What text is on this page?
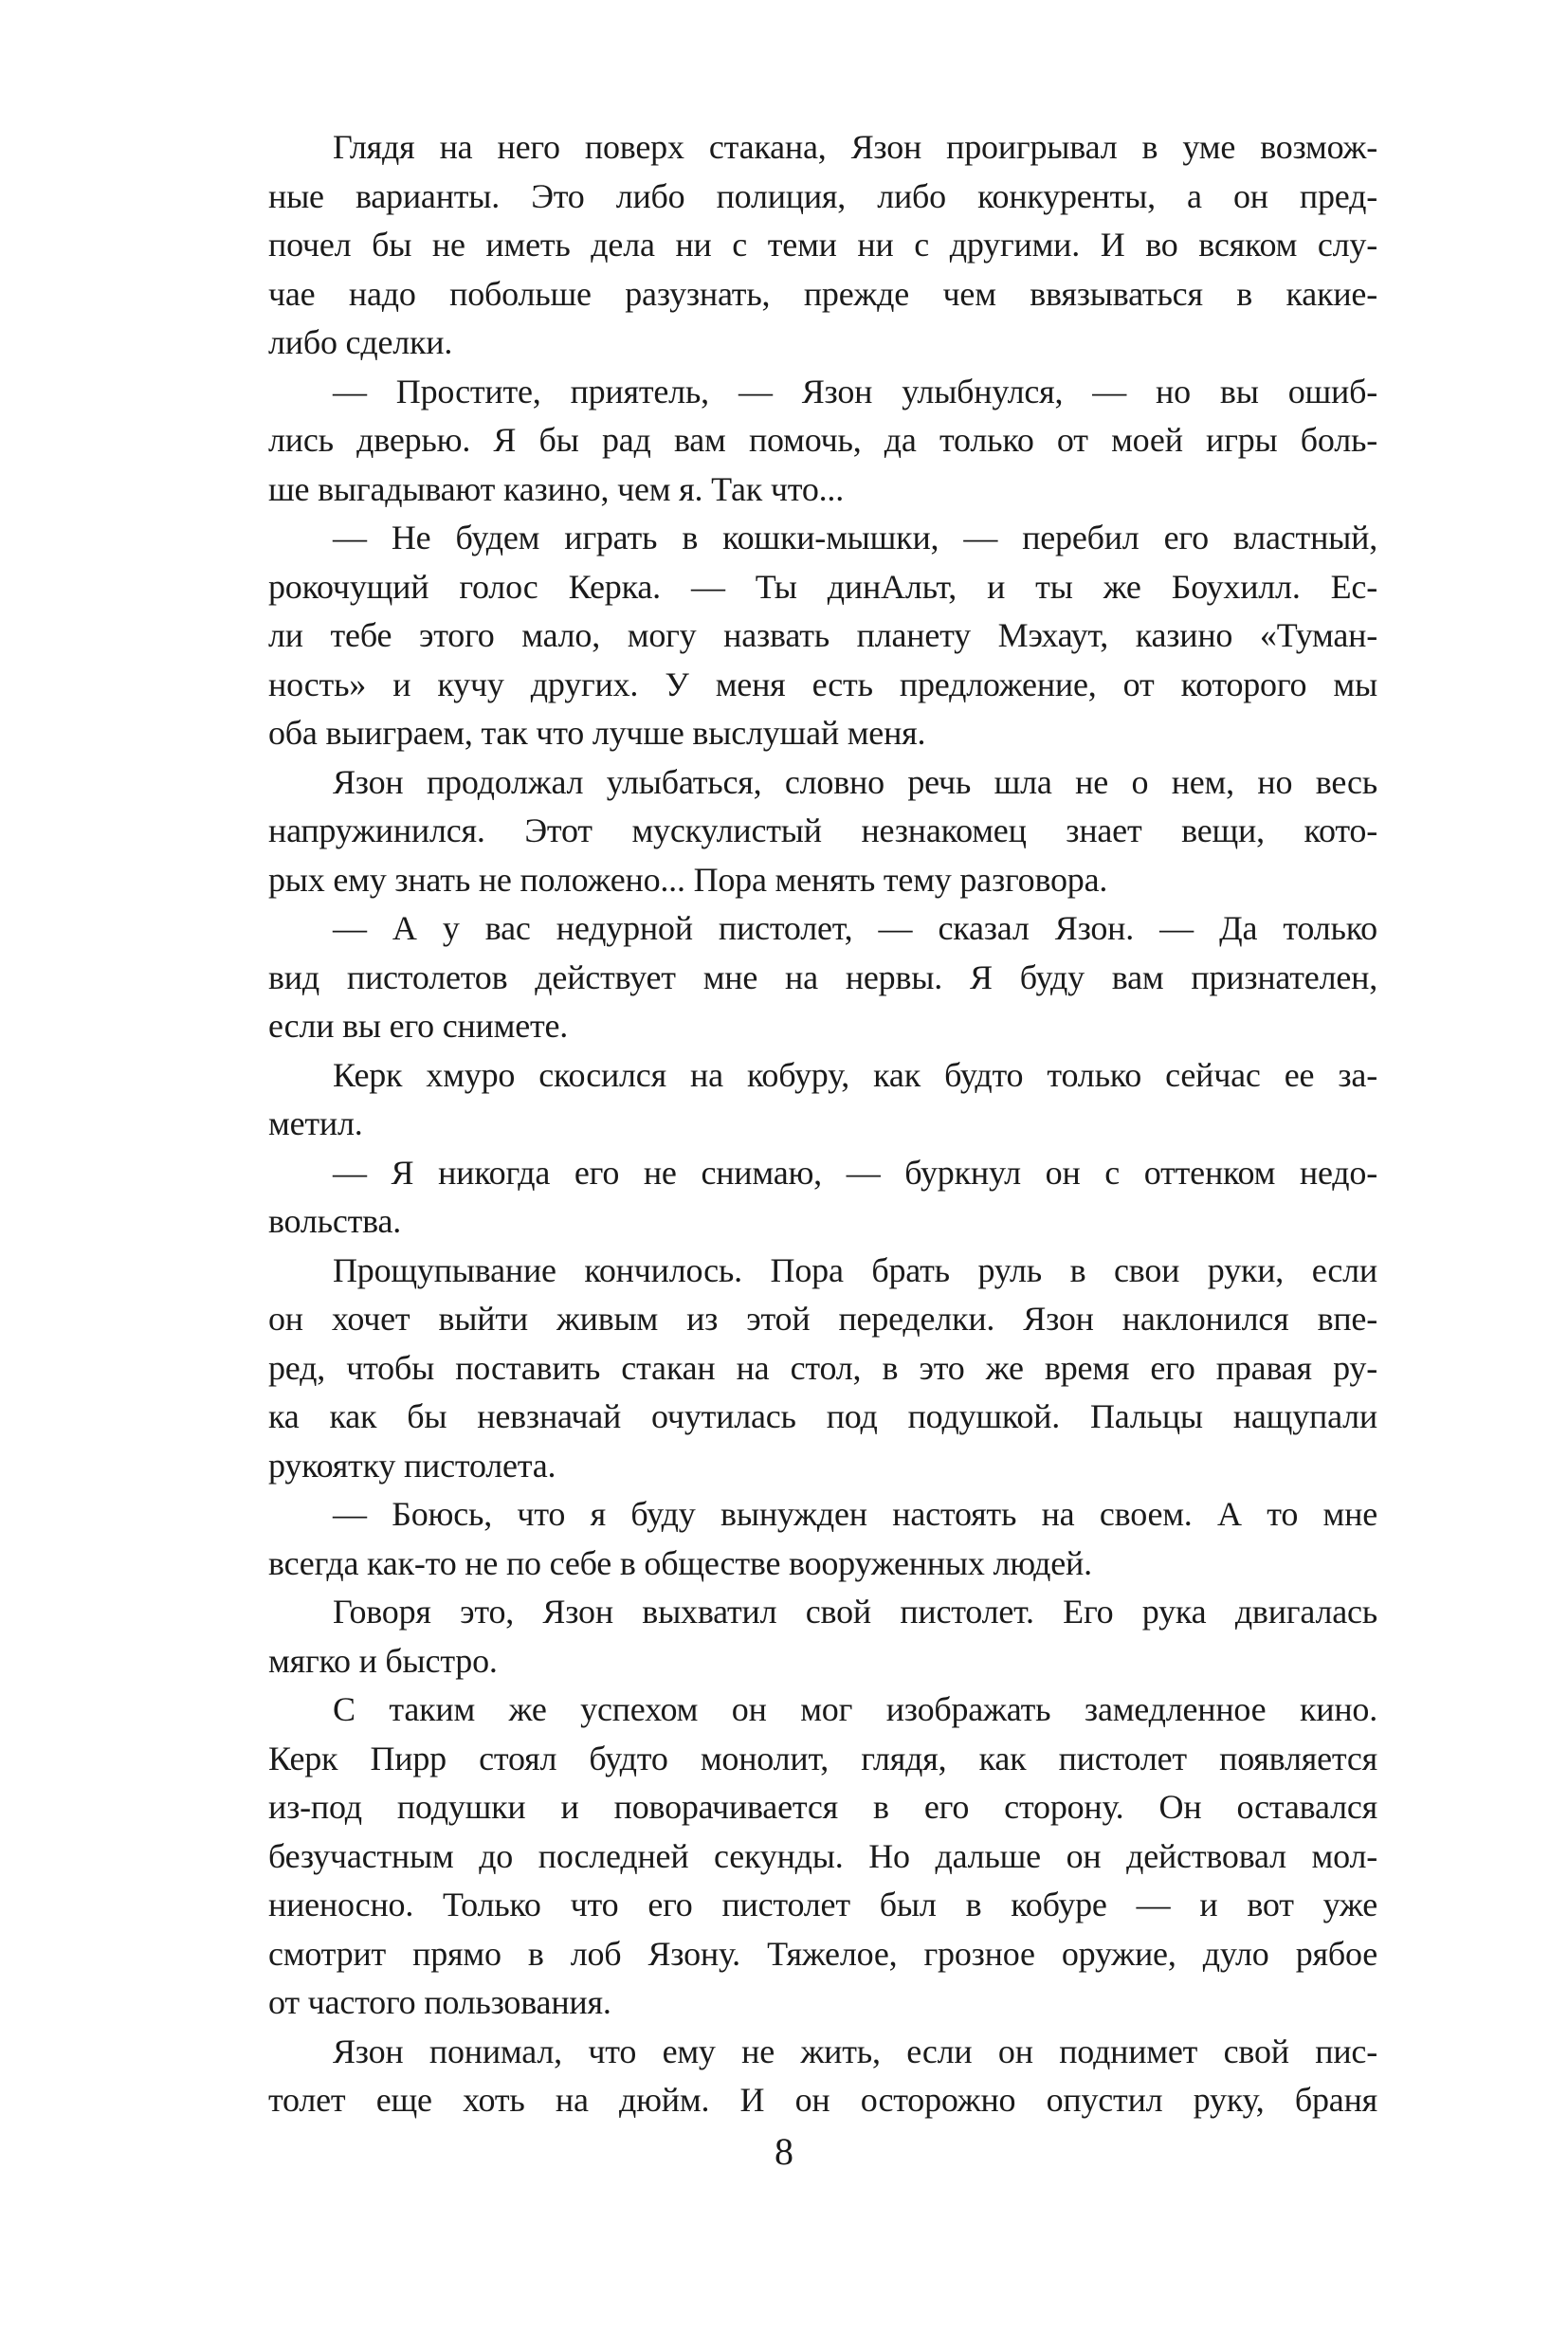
Глядя на него поверх стакана, Язон проигрывал в уме возмож-
ные варианты. Это либо полиция, либо конкуренты, а он пред-
почел бы не иметь дела ни с теми ни с другими. И во всяком слу-
чае надо побольше разузнать, прежде чем ввязываться в какие-
либо сделки.
— Простите, приятель, — Язон улыбнулся, — но вы ошиб-
лись дверью. Я бы рад вам помочь, да только от моей игры боль-
ше выгадывают казино, чем я. Так что...
— Не будем играть в кошки-мышки, — перебил его властный,
рокочущий голос Керка. — Ты динАльт, и ты же Боухилл. Ес-
ли тебе этого мало, могу назвать планету Мэхаут, казино «Туман-
ность» и кучу других. У меня есть предложение, от которого мы
оба выиграем, так что лучше выслушай меня.
Язон продолжал улыбаться, словно речь шла не о нем, но весь
напружинился. Этот мускулистый незнакомец знает вещи, кото-
рых ему знать не положено... Пора менять тему разговора.
— А у вас недурной пистолет, — сказал Язон. — Да только
вид пистолетов действует мне на нервы. Я буду вам признателен,
если вы его снимете.
Керк хмуро скосился на кобуру, как будто только сейчас ее за-
метил.
— Я никогда его не снимаю, — буркнул он с оттенком недо-
вольства.
Прощупывание кончилось. Пора брать руль в свои руки, если
он хочет выйти живым из этой переделки. Язон наклонился впе-
ред, чтобы поставить стакан на стол, в это же время его правая ру-
ка как бы невзначай очутилась под подушкой. Пальцы нащупали
рукоятку пистолета.
— Боюсь, что я буду вынужден настоять на своем. А то мне
всегда как-то не по себе в обществе вооруженных людей.
Говоря это, Язон выхватил свой пистолет. Его рука двигалась
мягко и быстро.
С таким же успехом он мог изображать замедленное кино.
Керк Пирр стоял будто монолит, глядя, как пистолет появляется
из-под подушки и поворачивается в его сторону. Он оставался
безучастным до последней секунды. Но дальше он действовал мол-
ниеносно. Только что его пистолет был в кобуре — и вот уже
смотрит прямо в лоб Язону. Тяжелое, грозное оружие, дуло рябое
от частого пользования.
Язон понимал, что ему не жить, если он поднимет свой пис-
толет еще хоть на дюйм. И он осторожно опустил руку, браня
8
